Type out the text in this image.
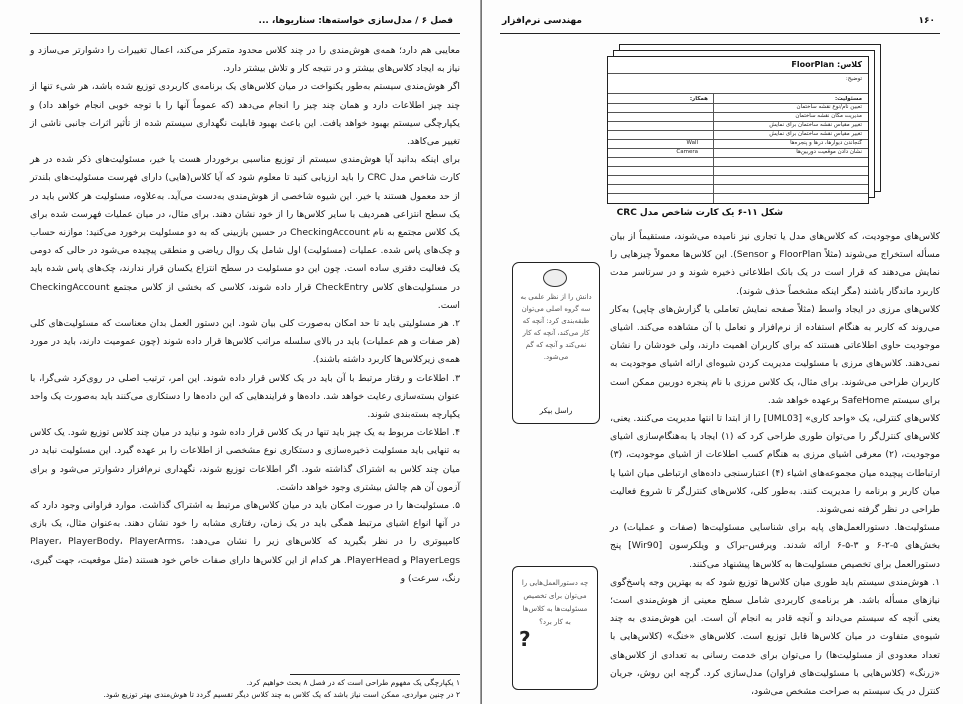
فصل ۶ / مدل‌سازی خواسته‌ها: سناریوها، ...

معایبی هم دارد؛ همه‌ی هوش‌مندی را در چند کلاس محدود متمرکز می‌کند، اعمال تغییرات را دشوارتر می‌سازد و نیاز به ایجاد کلاس‌های بیشتر و در نتیجه کار و تلاش بیشتر دارد.

اگر هوش‌مندی سیستم به‌طور یکنواخت در میان کلاس‌های یک برنامه‌ی کاربردی توزیع شده باشد، هر شیء تنها از چند چیز اطلاعات دارد و همان چند چیز را انجام می‌دهد (که عموماً آنها را با توجه خوبی انجام خواهد داد) و یکپارچگی سیستم بهبود خواهد یافت. این باعث بهبود قابلیت نگهداری سیستم شده از تأثیر اثرات جانبی ناشی از تغییر می‌کاهد.

برای اینکه بدانید آیا هوش‌مندی سیستم از توزیع مناسبی برخوردار هست یا خیر، مسئولیت‌های ذکر شده در هر کارت شاخص مدل CRC را باید ارزیابی کنید تا معلوم شود که آیا کلاس(هایی) دارای فهرست مسئولیت‌های بلندتر از حد معمول هستند یا خیر. این شیوه شاخصی از هوش‌مندی به‌دست می‌آید. به‌علاوه، مسئولیت هر کلاس باید در یک سطح انتزاعی همردیف با سایر کلاس‌ها را از خود نشان دهند. برای مثال، در میان عملیات فهرست شده برای یک کلاس مجتمع به نام CheckingAccount در حسین بازبینی که به دو مسئولیت برخورد می‌کنید: موازنه حساب و چک‌های پاس شده. عملیات (مسئولیت) اول شامل یک روال ریاضی و منطقی پیچیده می‌شود در حالی که دومی یک فعالیت دفتری ساده است. چون این دو مسئولیت در سطح انتزاع یکسان قرار ندارند، چک‌های پاس شده باید در مسئولیت‌های کلاس CheckEntry قرار داده شوند، کلاسی که بخشی از کلاس مجتمع CheckingAccount است.

۲. هر مسئولیتی باید تا حد امکان به‌صورت کلی بیان شود. این دستور العمل بدان معناست که مسئولیت‌های کلی (هر صفات و هم عملیات) باید در بالای سلسله مراتب کلاس‌ها قرار داده شوند (چون عمومیت دارند، باید در مورد همه‌ی زیرکلاس‌ها کاربرد داشته باشند).

۳. اطلاعات و رفتار مرتبط با آن باید در یک کلاس قرار داده شوند. این امر، ترتیب اصلی در روی‌کرد شی‌گرا، با عنوان بسته‌سازی رعایت خواهد شد. داده‌ها و فرایندهایی که این داده‌ها را دستکاری می‌کنند باید به‌صورت یک واحد یکپارچه بسته‌بندی شوند.

۴. اطلاعات مربوط به یک چیز باید تنها در یک کلاس قرار داده شود و نباید در میان چند کلاس توزیع شود. یک کلاس به تنهایی باید مسئولیت ذخیره‌سازی و دستکاری نوع مشخصی از اطلاعات را بر عهده گیرد. این مسئولیت نباید در میان چند کلاس به اشتراک گذاشته شود. اگر اطلاعات توزیع شوند، نگهداری نرم‌افزار دشوارتر می‌شود و برای آزمون آن هم چالش بیشتری وجود خواهد داشت.

۵. مسئولیت‌ها را در صورت امکان باید در میان کلاس‌های مرتبط به اشتراک گذاشت. موارد فراوانی وجود دارد که در آنها انواع اشیای مرتبط همگی باید در یک زمان، رفتاری مشابه را خود نشان دهند. به‌عنوان مثال، یک بازی کامپیوتری را در نظر بگیرید که کلاس‌های زیر را نشان می‌دهد: Player، PlayerBody، PlayerArms، PlayerLegs و PlayerHead. هر کدام از این کلاس‌ها دارای صفات خاص خود هستند (مثل موقعیت، جهت گیری، رنگ، سرعت) و

۱ یکپارچگی یک مفهوم طراحی است که در فصل ۸ بحث خواهیم کرد.
۲ در چنین مواردی، ممکن است نیاز باشد که یک کلاس به چند کلاس دیگر تقسیم گردد تا هوش‌مندی بهتر توزیع شود.
۱۶۰
مهندسی نرم‌افزار
کلاس: FloorPlan
توضیح:
مسئولیت:
همکار:
تعیین نام/نوع نقشه ساختمان
مدیریت مکان نقشه ساختمان
تغییر مقیاس نقشه ساختمان برای نمایش
تغییر مقیاس نقشه ساختمان برای نمایش
گنجاندن دیوارها، درها و پنجره‌ها
نشان دادن موقعیت دوربین‌ها
Wall
Camera
شکل ۱۱-۶ یک کارت شاخص مدل CRC
دانش را از نظر علمی به سه گروه اصلی می‌توان طبقه‌بندی کرد: آنچه که کار می‌کند، آنچه که کار نمی‌کند و آنچه که گم می‌شود.
راسل بیکر
چه دستورالعمل‌هایی را می‌توان برای تخصیص مسئولیت‌ها به کلاس‌ها به کار برد؟
?

کلاس‌های موجودیت، که کلاس‌های مدل یا تجاری نیز نامیده می‌شوند، مستقیماً از بیان مسأله استخراج می‌شوند (مثلاً FloorPlan و Sensor). این کلاس‌ها معمولاً چیزهایی را نمایش می‌دهند که قرار است در یک بانک اطلاعاتی ذخیره شوند و در سرتاسر مدت کاربرد ماندگار باشند (مگر اینکه مشخصاً حذف شوند).

کلاس‌های مرزی در ایجاد واسط (مثلاً صفحه نمایش تعاملی یا گزارش‌های چاپی) به‌کار می‌روند که کاربر به هنگام استفاده از نرم‌افزار و تعامل با آن مشاهده می‌کند. اشیای موجودیت حاوی اطلاعاتی هستند که برای کاربران اهمیت دارند، ولی خودشان را نشان نمی‌دهند. کلاس‌های مرزی با مسئولیت مدیریت کردن شیوه‌ای ارائه اشیای موجودیت به کاربران طراحی می‌شوند. برای مثال، یک کلاس مرزی با نام پنجره دوربین ممکن است برای سیستم SafeHome برعهده خواهد شد.

کلاس‌های کنترلی، یک «واحد کاری» [UML03] را از ابتدا تا انتها مدیریت می‌کنند. یعنی، کلاس‌های کنترل‌گر را می‌توان طوری طراحی کرد که (۱) ایجاد یا به‌هنگام‌سازی اشیای موجودیت، (۲) معرفی اشیای مرزی به هنگام کسب اطلاعات از اشیای موجودیت، (۳) ارتباطات پیچیده میان مجموعه‌های اشیاء (۴) اعتبارسنجی داده‌های ارتباطی میان اشیا یا میان کاربر و برنامه را مدیریت کنند. به‌طور کلی، کلاس‌های کنترل‌گر تا شروع فعالیت طراحی در نظر گرفته نمی‌شوند.

مسئولیت‌ها. دستورالعمل‌های پایه برای شناسایی مسئولیت‌ها (صفات و عملیات) در بخش‌های ۵-۲-۶ و ۳-۵-۶ ارائه شدند. ویرفس-براک و ویلکرسون [Wir90] پنج دستورالعمل برای تخصیص مسئولیت‌ها به کلاس‌ها پیشنهاد می‌کنند.

۱. هوش‌مندی سیستم باید طوری میان کلاس‌ها توزیع شود که به بهترین وجه پاسخ‌گوی نیازهای مسأله باشد. هر برنامه‌ی کاربردی شامل سطح معینی از هوش‌مندی است؛ یعنی آنچه که سیستم می‌داند و آنچه قادر به انجام آن است. این هوش‌مندی به چند شیوه‌ی متفاوت در میان کلاس‌ها قابل توزیع است. کلاس‌های «خنگ» (کلاس‌هایی با تعداد معدودی از مسئولیت‌ها) را می‌توان برای خدمت رسانی به تعدادی از کلاس‌های «زرنگ» (کلاس‌هایی با مسئولیت‌های فراوان) مدل‌سازی کرد. گرچه این روش، جریان کنترل در یک سیستم به صراحت مشخص می‌شود،
